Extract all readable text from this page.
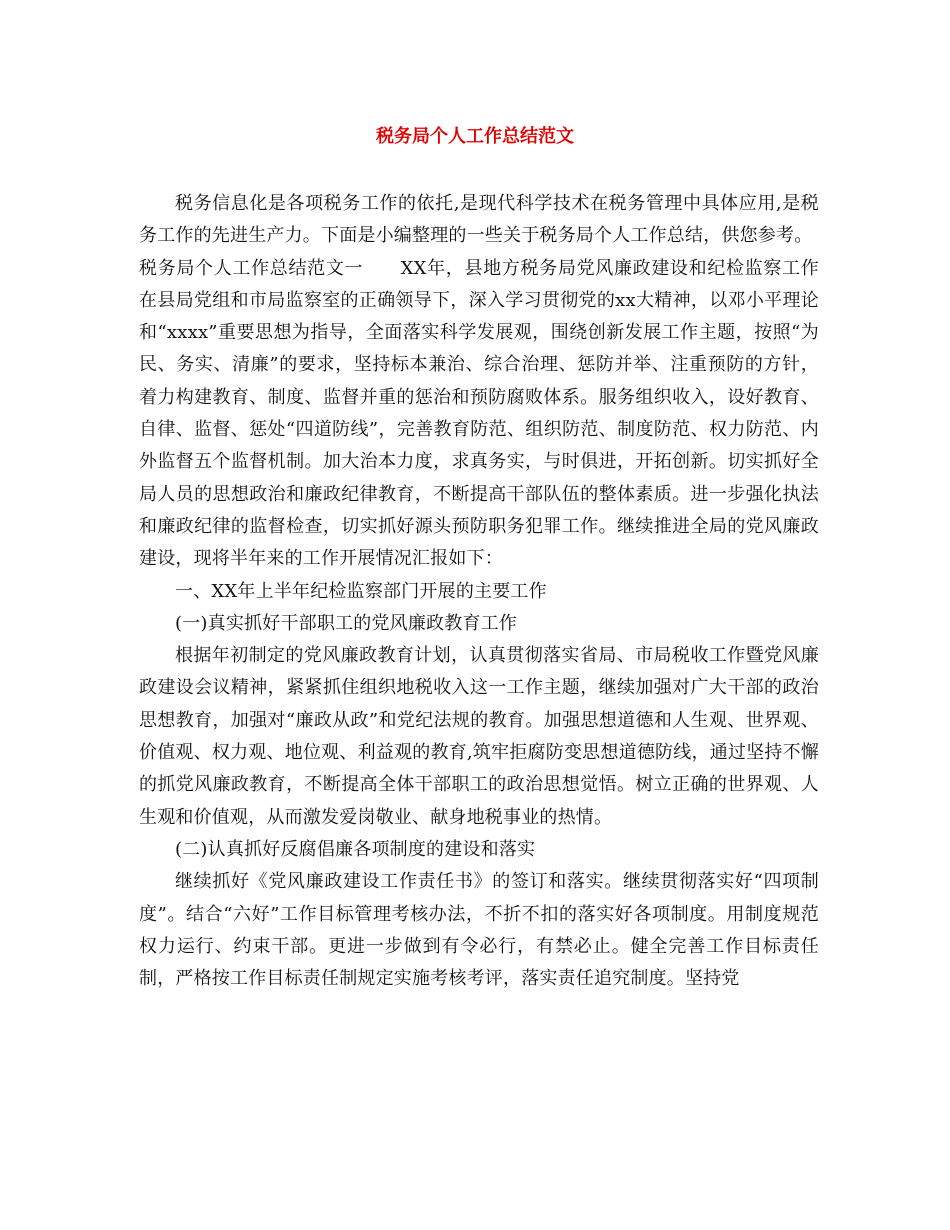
税务局个人工作总结范文

税务信息化是各项税务工作的依托,是现代科学技术在税务管理中具体应用,是税务工作的先进生产力。下面是小编整理的一些关于税务局个人工作总结，供您参考。

税务局个人工作总结范文一　　XX年，县地方税务局党风廉政建设和纪检监察工作在县局党组和市局监察室的正确领导下，深入学习贯彻党的xx大精神，以邓小平理论和“xxxx”重要思想为指导，全面落实科学发展观，围绕创新发展工作主题，按照“为民、务实、清廉”的要求，坚持标本兼治、综合治理、惩防并举、注重预防的方针，着力构建教育、制度、监督并重的惩治和预防腐败体系。服务组织收入，设好教育、自律、监督、惩处“四道防线”，完善教育防范、组织防范、制度防范、权力防范、内外监督五个监督机制。加大治本力度，求真务实，与时俱进，开拓创新。切实抓好全局人员的思想政治和廉政纪律教育，不断提高干部队伍的整体素质。进一步强化执法和廉政纪律的监督检查，切实抓好源头预防职务犯罪工作。继续推进全局的党风廉政建设，现将半年来的工作开展情况汇报如下：

一、XX年上半年纪检监察部门开展的主要工作

(一)真实抓好干部职工的党风廉政教育工作

根据年初制定的党风廉政教育计划，认真贯彻落实省局、市局税收工作暨党风廉政建设会议精神，紧紧抓住组织地税收入这一工作主题，继续加强对广大干部的政治思想教育，加强对“廉政从政”和党纪法规的教育。加强思想道德和人生观、世界观、价值观、权力观、地位观、利益观的教育,筑牢拒腐防变思想道德防线，通过坚持不懈的抓党风廉政教育，不断提高全体干部职工的政治思想觉悟。树立正确的世界观、人生观和价值观，从而激发爱岗敬业、献身地税事业的热情。

(二)认真抓好反腐倡廉各项制度的建设和落实

继续抓好《党风廉政建设工作责任书》的签订和落实。继续贯彻落实好“四项制度”。结合“六好”工作目标管理考核办法，不折不扣的落实好各项制度。用制度规范权力运行、约束干部。更进一步做到有令必行，有禁必止。健全完善工作目标责任制，严格按工作目标责任制规定实施考核考评，落实责任追究制度。坚持党
